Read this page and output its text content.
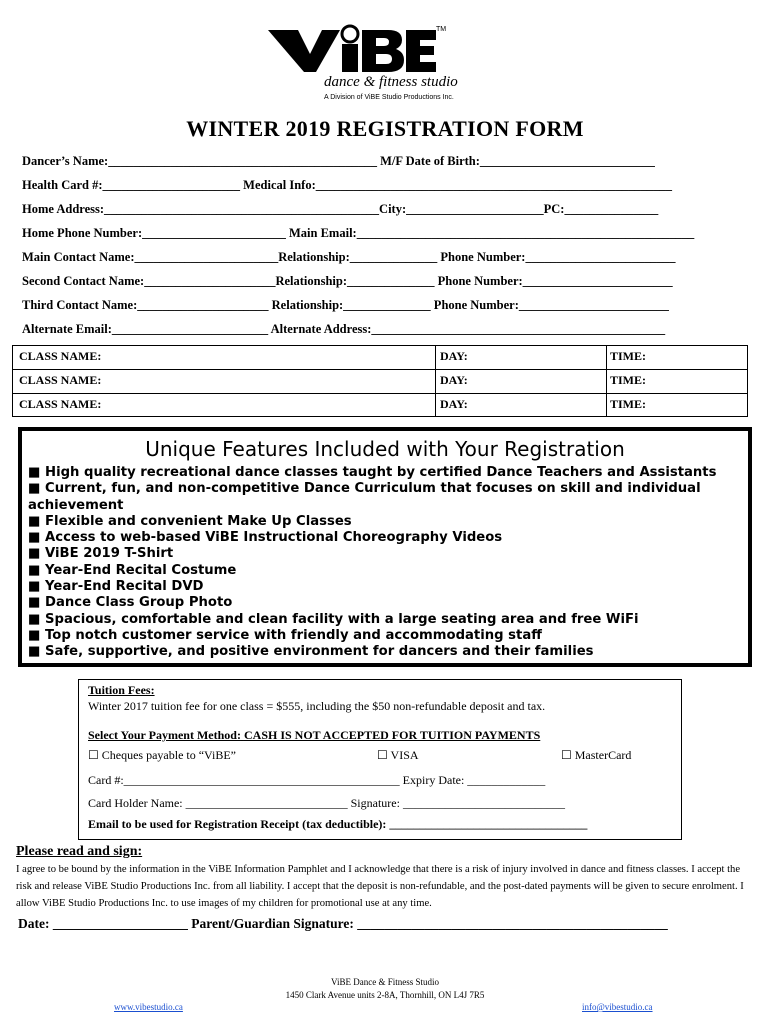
TM
dance & fitness studio
A Division of ViBE Studio Productions Inc.
WINTER 2019 REGISTRATION FORM
Dancer’s Name:___________________________________________ M/F Date of Birth:____________________________
Health Card #:______________________ Medical Info:_________________________________________________________
Home Address:____________________________________________City:______________________PC:_______________
Home Phone Number:_______________________ Main Email:______________________________________________________
Main Contact Name:_______________________Relationship:______________ Phone Number:________________________
Second Contact Name:_____________________Relationship:______________ Phone Number:________________________
Third Contact Name:_____________________ Relationship:______________ Phone Number:________________________
Alternate Email:_________________________ Alternate Address:_______________________________________________
CLASS NAME:	DAY:	TIME:
CLASS NAME:	DAY:	TIME:
CLASS NAME:	DAY:	TIME:
Unique Features Included with Your Registration
■ High quality recreational dance classes taught by certified Dance Teachers and Assistants
■ Current, fun, and non-competitive Dance Curriculum that focuses on skill and individual achievement
■ Flexible and convenient Make Up Classes
■ Access to web-based ViBE Instructional Choreography Videos
■ ViBE 2019 T-Shirt
■ Year-End Recital Costume
■ Year-End Recital DVD
■ Dance Class Group Photo
■ Spacious, comfortable and clean facility with a large seating area and free WiFi
■ Top notch customer service with friendly and accommodating staff
■ Safe, supportive, and positive environment for dancers and their families
Tuition Fees:
Winter 2017 tuition fee for one class = $555, including the $50 non-refundable deposit and tax.
Select Your Payment Method: CASH IS NOT ACCEPTED FOR TUITION PAYMENTS
☐ Cheques payable to “ViBE”	☐ VISA	☐ MasterCard
Card #:______________________________________________ Expiry Date: _____________
Card Holder Name: ___________________________ Signature: ___________________________
Email to be used for Registration Receipt (tax deductible): _________________________________
Please read and sign:
I agree to be bound by the information in the ViBE Information Pamphlet and I acknowledge that there is a risk of injury involved in dance and fitness classes. I accept the risk and release ViBE Studio Productions Inc. from all liability. I accept that the deposit is non-refundable, and the post-dated payments will be given to secure enrolment. I allow ViBE Studio Productions Inc. to use images of my children for promotional use at any time.
Date: ____________________ Parent/Guardian Signature: ______________________________________________
ViBE Dance & Fitness Studio
1450 Clark Avenue units 2-8A, Thornhill, ON L4J 7R5
www.vibestudio.ca	info@vibestudio.ca
